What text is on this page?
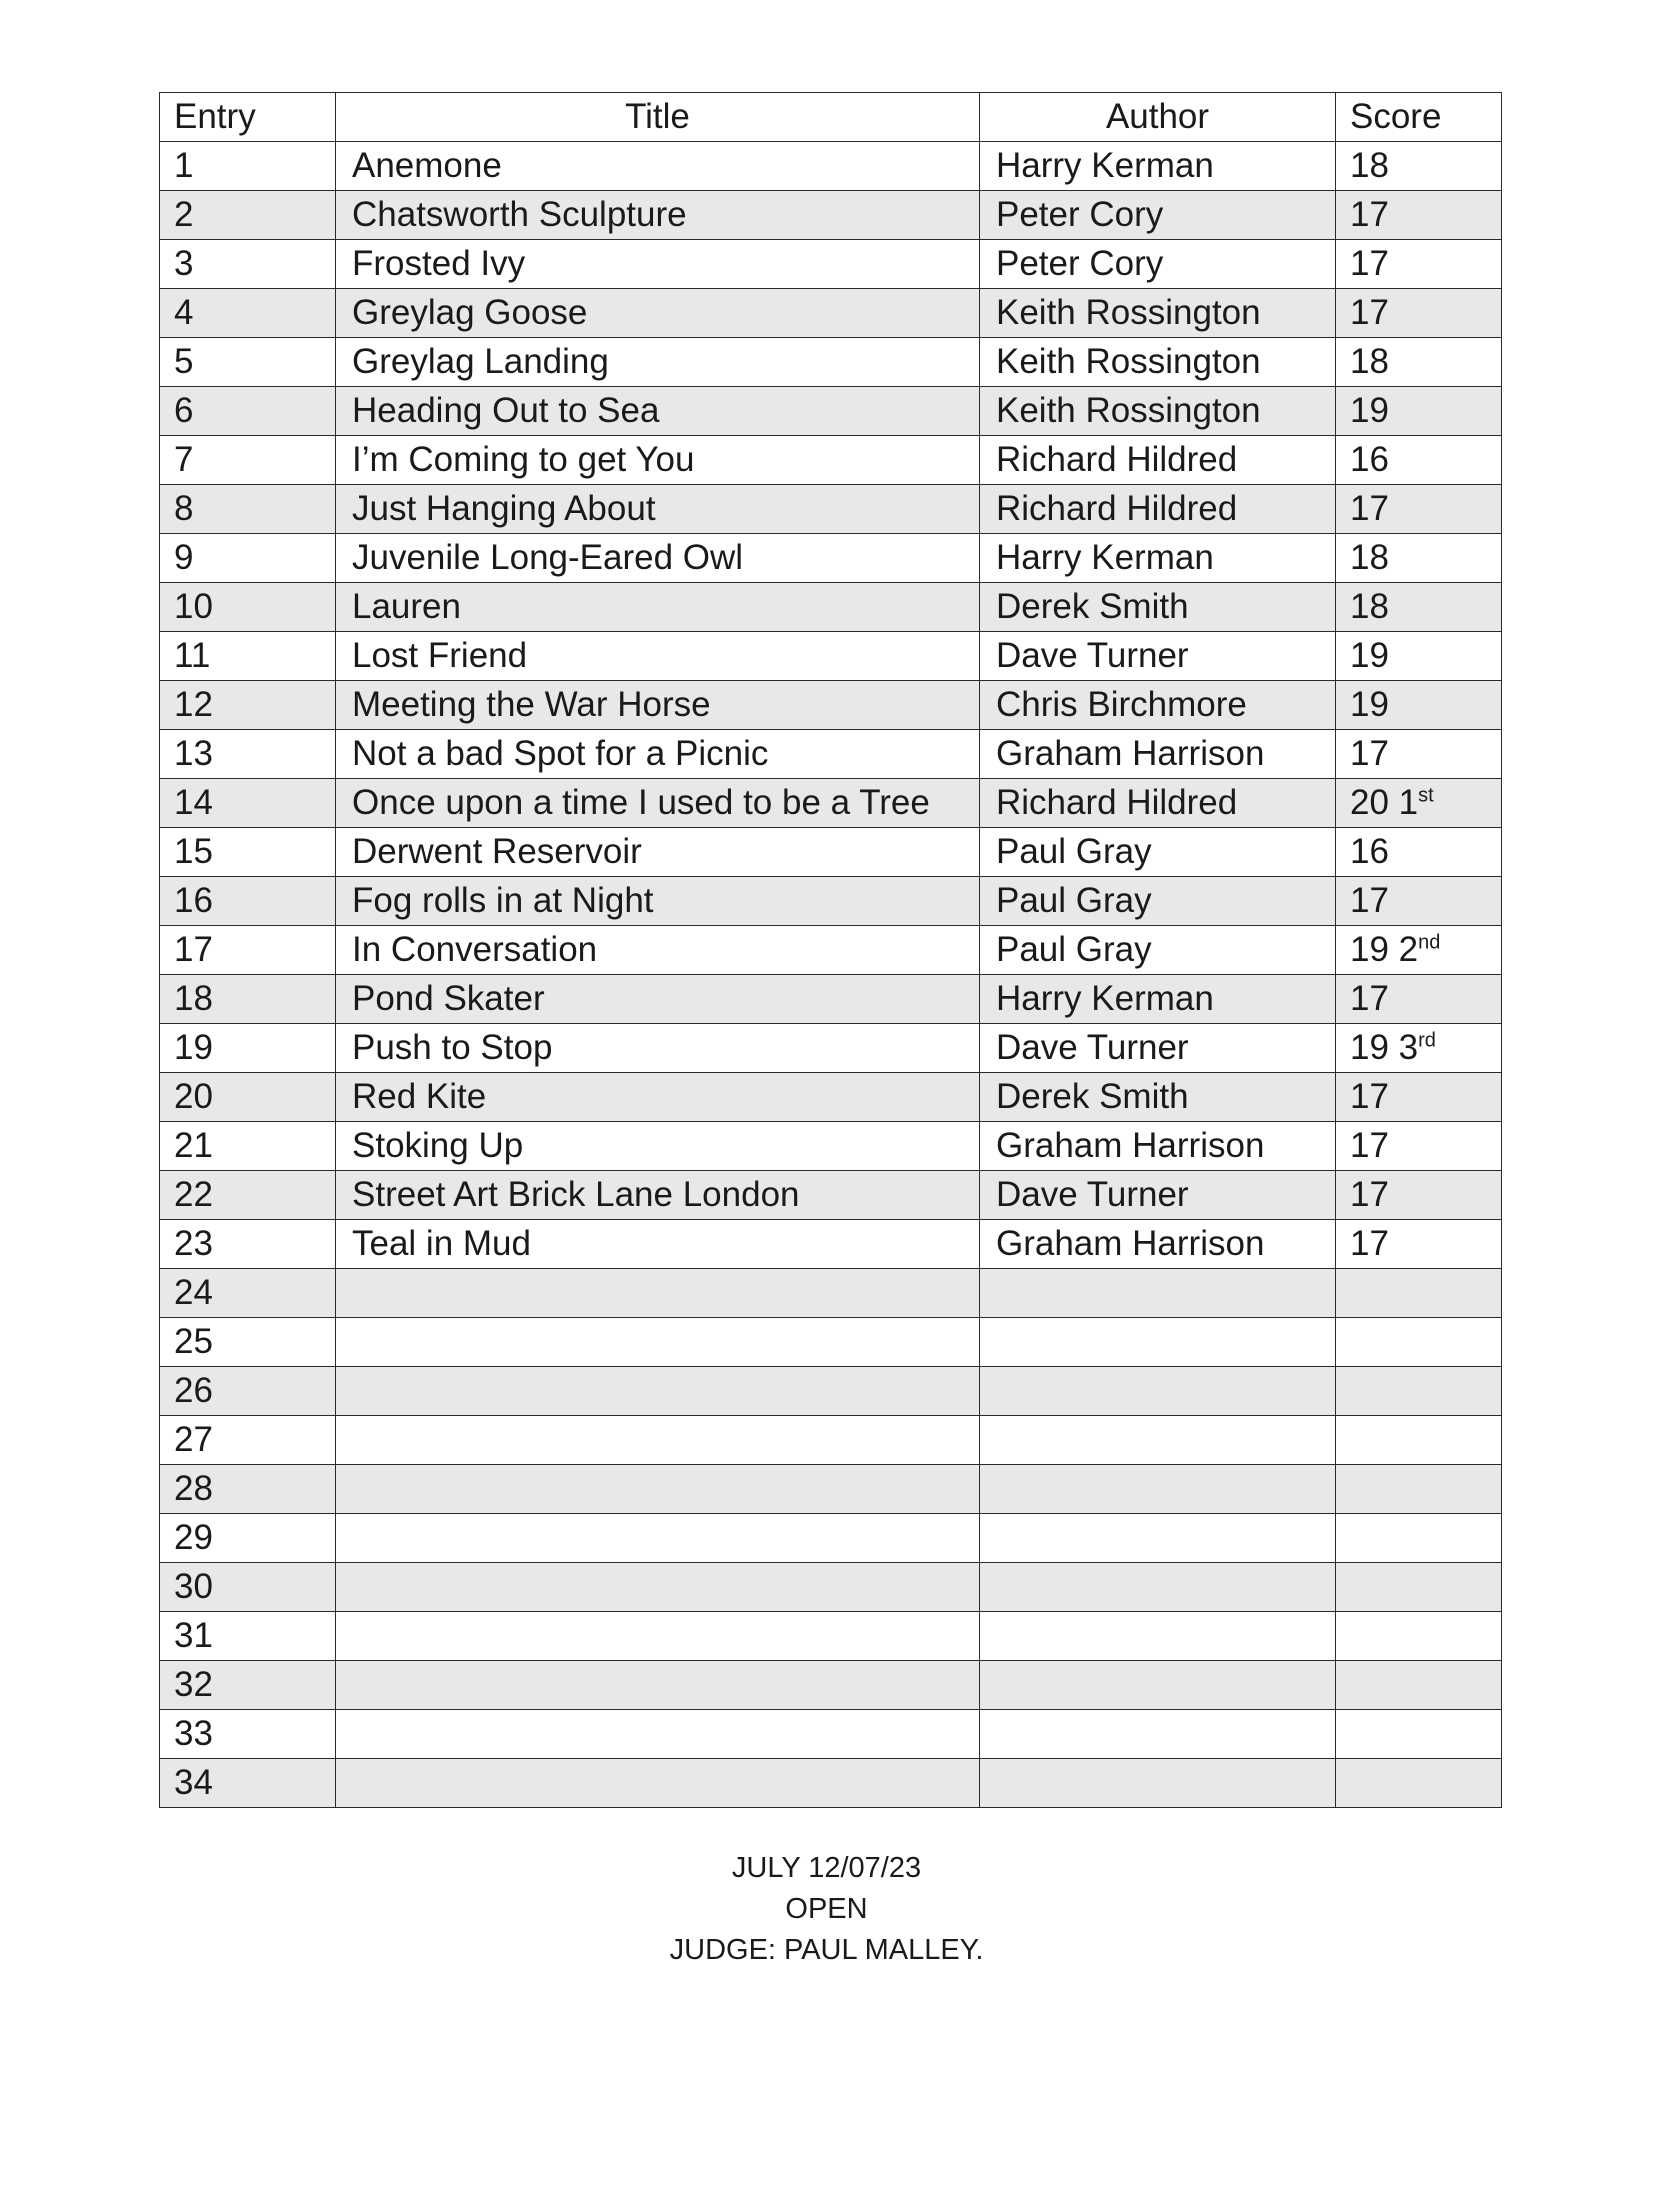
Entry	Title	Author	Score
1	Anemone	Harry Kerman	18
2	Chatsworth Sculpture	Peter Cory	17
3	Frosted Ivy	Peter Cory	17
4	Greylag Goose	Keith Rossington	17
5	Greylag Landing	Keith Rossington	18
6	Heading Out to Sea	Keith Rossington	19
7	I’m Coming to get You	Richard Hildred	16
8	Just Hanging About	Richard Hildred	17
9	Juvenile Long-Eared Owl	Harry Kerman	18
10	Lauren	Derek Smith	18
11	Lost Friend	Dave Turner	19
12	Meeting the War Horse	Chris Birchmore	19
13	Not a bad Spot for a Picnic	Graham Harrison	17
14	Once upon a time I used to be a Tree	Richard Hildred	20 1st
15	Derwent Reservoir	Paul Gray	16
16	Fog rolls in at Night	Paul Gray	17
17	In Conversation	Paul Gray	19 2nd
18	Pond Skater	Harry Kerman	17
19	Push to Stop	Dave Turner	19 3rd
20	Red Kite	Derek Smith	17
21	Stoking Up	Graham Harrison	17
22	Street Art Brick Lane London	Dave Turner	17
23	Teal in Mud	Graham Harrison	17
24			
25			
26			
27			
28			
29			
30			
31			
32			
33			
34			
JULY 12/07/23
OPEN
JUDGE: PAUL MALLEY.
